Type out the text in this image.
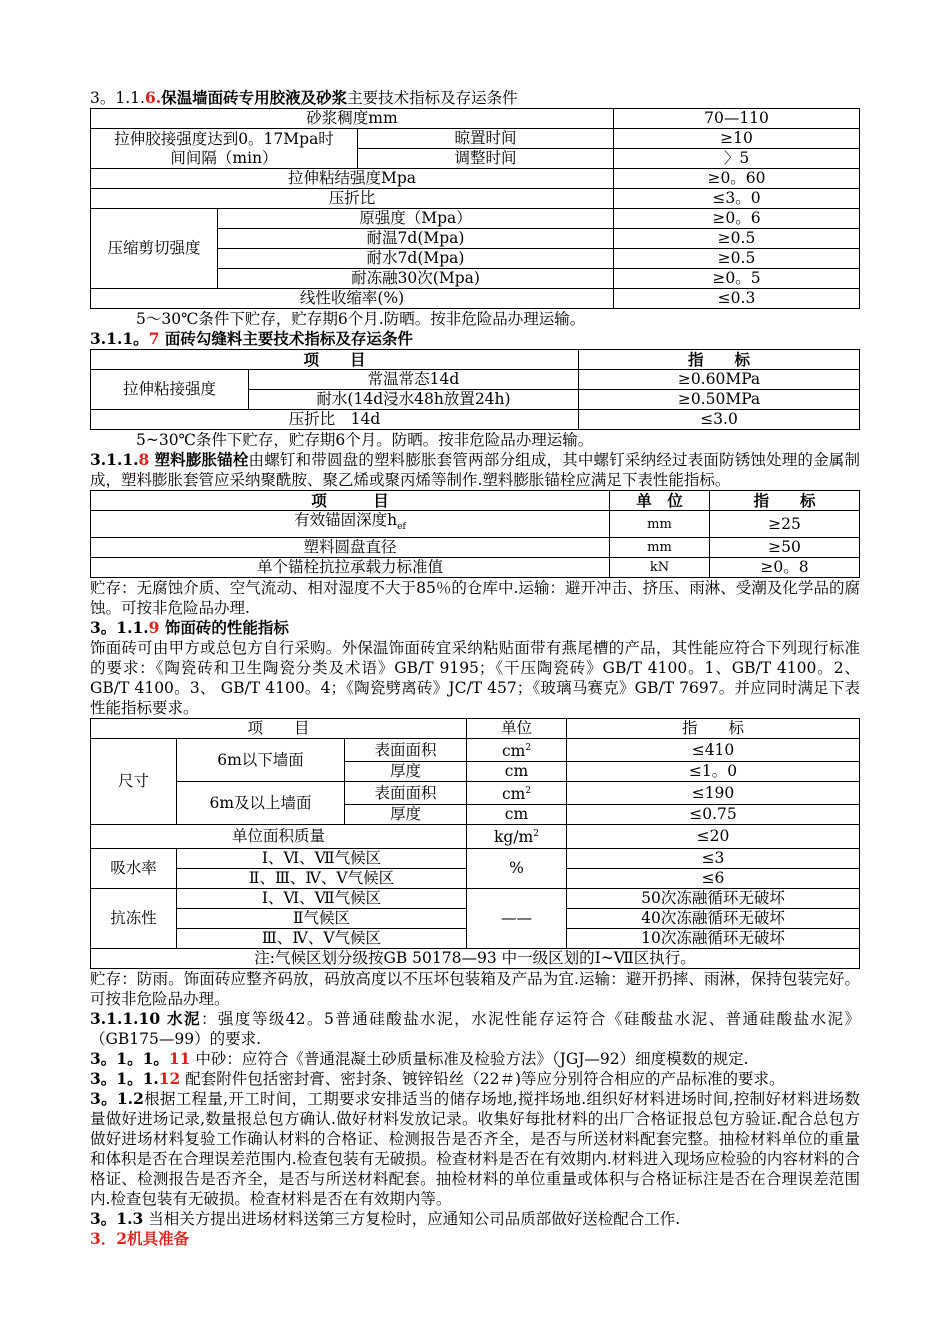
3。1.1.6.保温墙面砖专用胶液及砂浆主要技术指标及存运条件

砂浆稠度mm			70—110
拉伸胶接强度达到0。17Mpa时间间隔（min）		晾置时间	≥10
		调整时间	〉5
拉伸粘结强度Mpa			≥0。60
压折比			≤3。0
压缩剪切强度	原强度（Mpa）		≥0。6
	耐温7d(Mpa)		≥0.5
	耐水7d(Mpa)		≥0.5
	耐冻融30次(Mpa)		≥0。5
线性收缩率(%)			≤0.3

5～30℃条件下贮存，贮存期6个月.防晒。按非危险品办理运输。

3.1.1。7 面砖勾缝料主要技术指标及存运条件

项　　目		指　　标
拉伸粘接强度	常温常态14d	≥0.60MPa
	耐水(14d浸水48h放置24h)	≥0.50MPa
压折比　14d		≤3.0

5~30℃条件下贮存，贮存期6个月。防晒。按非危险品办理运输。

3.1.1.8 塑料膨胀锚栓由螺钉和带圆盘的塑料膨胀套管两部分组成，其中螺钉采纳经过表面防锈蚀处理的金属制成，塑料膨胀套管应采纳聚酰胺、聚乙烯或聚丙烯等制作.塑料膨胀锚栓应满足下表性能指标。

项　　　目	单　位	指　　标
有效锚固深度$h_{ef}$	mm	≥25
塑料圆盘直径	mm	≥50
单个锚栓抗拉承载力标准值	kN	≥0。8

贮存：无腐蚀介质、空气流动、相对湿度不大于85％的仓库中.运输：避开冲击、挤压、雨淋、受潮及化学品的腐蚀。可按非危险品办理.

3。1.1.9 饰面砖的性能指标

饰面砖可由甲方或总包方自行采购。外保温饰面砖宜采纳粘贴面带有燕尾槽的产品，其性能应符合下列现行标准的要求：《陶瓷砖和卫生陶瓷分类及术语》GB/T 9195；《干压陶瓷砖》GB/T 4100。1、GB/T 4100。2、 GB/T 4100。3、 GB/T 4100。4；《陶瓷劈离砖》JC/T 457；《玻璃马赛克》GB/T 7697。并应同时满足下表性能指标要求。

项　　目			单位	指　　标
尺寸	6m以下墙面	表面面积	$cm^2$	≤410
		厚度	cm	≤1。0
	6m及以上墙面	表面面积	$cm^2$	≤190
		厚度	cm	≤0.75
单位面积质量			$kg/m^2$	≤20
吸水率	Ⅰ、Ⅵ、Ⅶ气候区		%	≤3
	Ⅱ、Ⅲ、Ⅳ、Ⅴ气候区			≤6
抗冻性	Ⅰ、Ⅵ、Ⅶ气候区		——	50次冻融循环无破坏
	Ⅱ气候区			40次冻融循环无破坏
	Ⅲ、Ⅳ、Ⅴ气候区			10次冻融循环无破坏
注:气候区划分级按GB 50178—93 中一级区划的Ⅰ~Ⅶ区执行。				

贮存：防雨。饰面砖应整齐码放，码放高度以不压坏包装箱及产品为宜.运输：避开扔摔、雨淋，保持包装完好。可按非危险品办理。

3.1.1.10 水泥：强度等级42。5普通硅酸盐水泥，水泥性能存运符合《硅酸盐水泥、普通硅酸盐水泥》（GB175—99）的要求.

3。1。1。11 中砂：应符合《普通混凝土砂质量标准及检验方法》（JGJ—92）细度模数的规定.

3。1。1.12 配套附件包括密封膏、密封条、镀锌铅丝（22＃)等应分别符合相应的产品标准的要求。

3。1.2根据工程量,开工时间，工期要求安排适当的储存场地,搅拌场地.组织好材料进场时间,控制好材料进场数量做好进场记录,数量报总包方确认.做好材料发放记录。收集好每批材料的出厂合格证报总包方验证.配合总包方做好进场材料复验工作确认材料的合格证、检测报告是否齐全，是否与所送材料配套完整。抽检材料单位的重量和体积是否在合理误差范围内.检查包装有无破损。检查材料是否在有效期内.材料进入现场应检验的内容材料的合格证、检测报告是否齐全，是否与所送材料配套。抽检材料的单位重量或体积与合格证标注是否在合理误差范围内.检查包装有无破损。检查材料是否在有效期内等。

3。1.3 当相关方提出进场材料送第三方复检时，应通知公司品质部做好送检配合工作.

3．2机具准备
